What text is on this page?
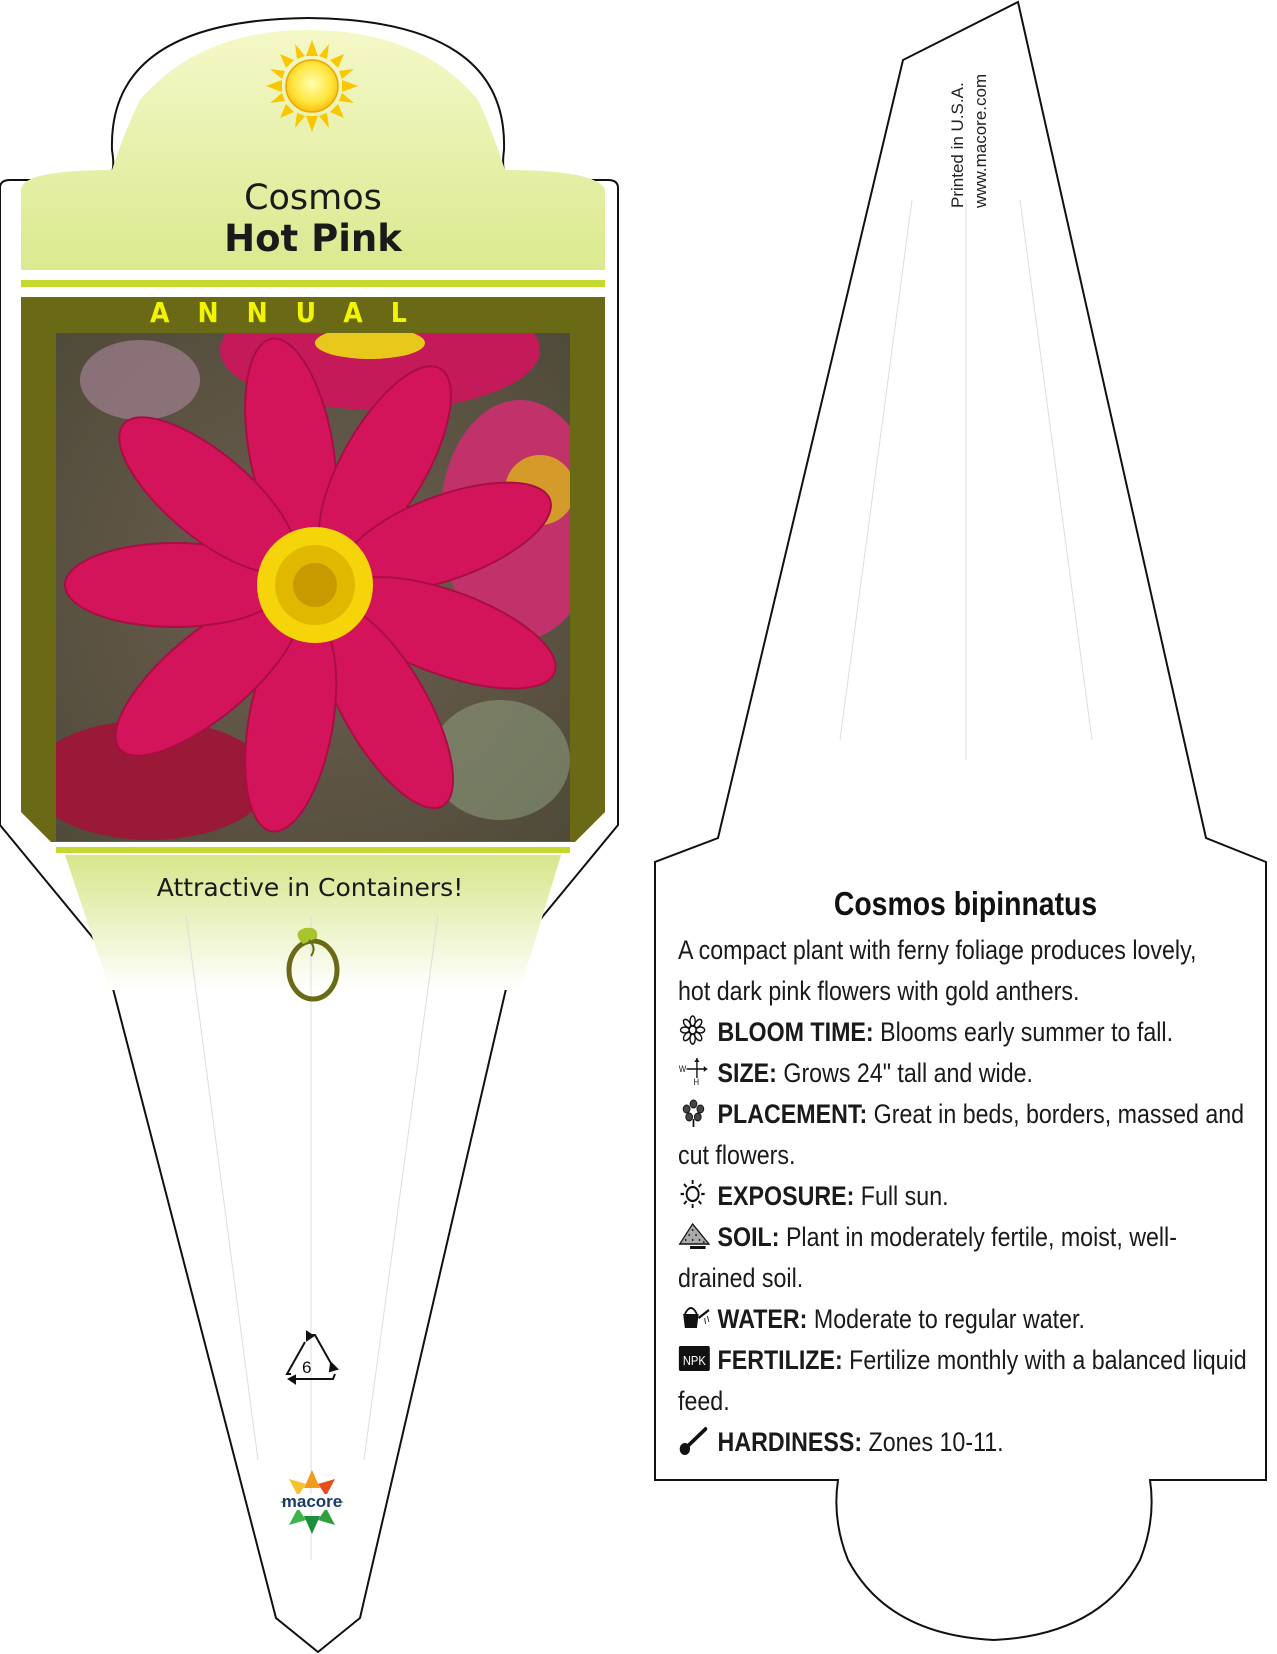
Cosmos
Hot Pink
ANNUAL
Attractive in Containers!
6
macore
Printed in U.S.A. www.macore.com
Cosmos bipinnatus
A compact plant with ferny foliage produces lovely, hot dark pink flowers with gold anthers.
BLOOM TIME: Blooms early summer to fall.
W
H SIZE: Grows 24" tall and wide.
PLACEMENT: Great in beds, borders, massed and cut flowers.
EXPOSURE: Full sun.
SOIL: Plant in moderately fertile, moist, well-drained soil.
WATER: Moderate to regular water.
NPK FERTILIZE: Fertilize monthly with a balanced liquid feed.
HARDINESS: Zones 10-11.
